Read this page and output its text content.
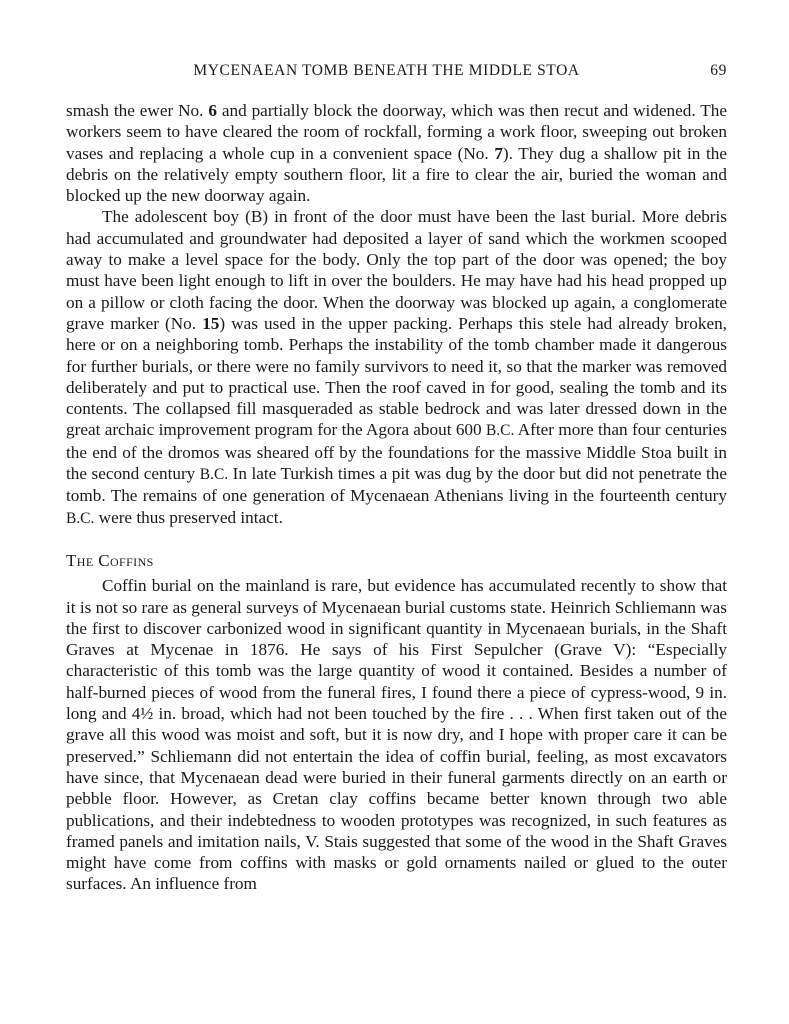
MYCENAEAN TOMB BENEATH THE MIDDLE STOA	69

smash the ewer No. 6 and partially block the doorway, which was then recut and widened. The workers seem to have cleared the room of rockfall, forming a work floor, sweeping out broken vases and replacing a whole cup in a convenient space (No. 7). They dug a shallow pit in the debris on the relatively empty southern floor, lit a fire to clear the air, buried the woman and blocked up the new doorway again.

The adolescent boy (B) in front of the door must have been the last burial. More debris had accumulated and groundwater had deposited a layer of sand which the workmen scooped away to make a level space for the body. Only the top part of the door was opened; the boy must have been light enough to lift in over the boulders. He may have had his head propped up on a pillow or cloth facing the door. When the doorway was blocked up again, a conglomerate grave marker (No. 15) was used in the upper packing. Perhaps this stele had already broken, here or on a neighboring tomb. Perhaps the instability of the tomb chamber made it dangerous for further burials, or there were no family survivors to need it, so that the marker was removed deliberately and put to practical use. Then the roof caved in for good, sealing the tomb and its contents. The collapsed fill masqueraded as stable bedrock and was later dressed down in the great archaic improvement program for the Agora about 600 B.C. After more than four centuries the end of the dromos was sheared off by the foundations for the massive Middle Stoa built in the second century B.C. In late Turkish times a pit was dug by the door but did not penetrate the tomb. The remains of one generation of Mycenaean Athenians living in the fourteenth century B.C. were thus preserved intact.

The Coffins

Coffin burial on the mainland is rare, but evidence has accumulated recently to show that it is not so rare as general surveys of Mycenaean burial customs state. Heinrich Schliemann was the first to discover carbonized wood in significant quantity in Mycenaean burials, in the Shaft Graves at Mycenae in 1876. He says of his First Sepulcher (Grave V): “Especially characteristic of this tomb was the large quantity of wood it contained. Besides a number of half-burned pieces of wood from the funeral fires, I found there a piece of cypress-wood, 9 in. long and 4½ in. broad, which had not been touched by the fire . . . When first taken out of the grave all this wood was moist and soft, but it is now dry, and I hope with proper care it can be preserved.” Schliemann did not entertain the idea of coffin burial, feeling, as most excavators have since, that Mycenaean dead were buried in their funeral garments directly on an earth or pebble floor. However, as Cretan clay coffins became better known through two able publications, and their indebtedness to wooden prototypes was recognized, in such features as framed panels and imitation nails, V. Stais suggested that some of the wood in the Shaft Graves might have come from coffins with masks or gold ornaments nailed or glued to the outer surfaces. An influence from
